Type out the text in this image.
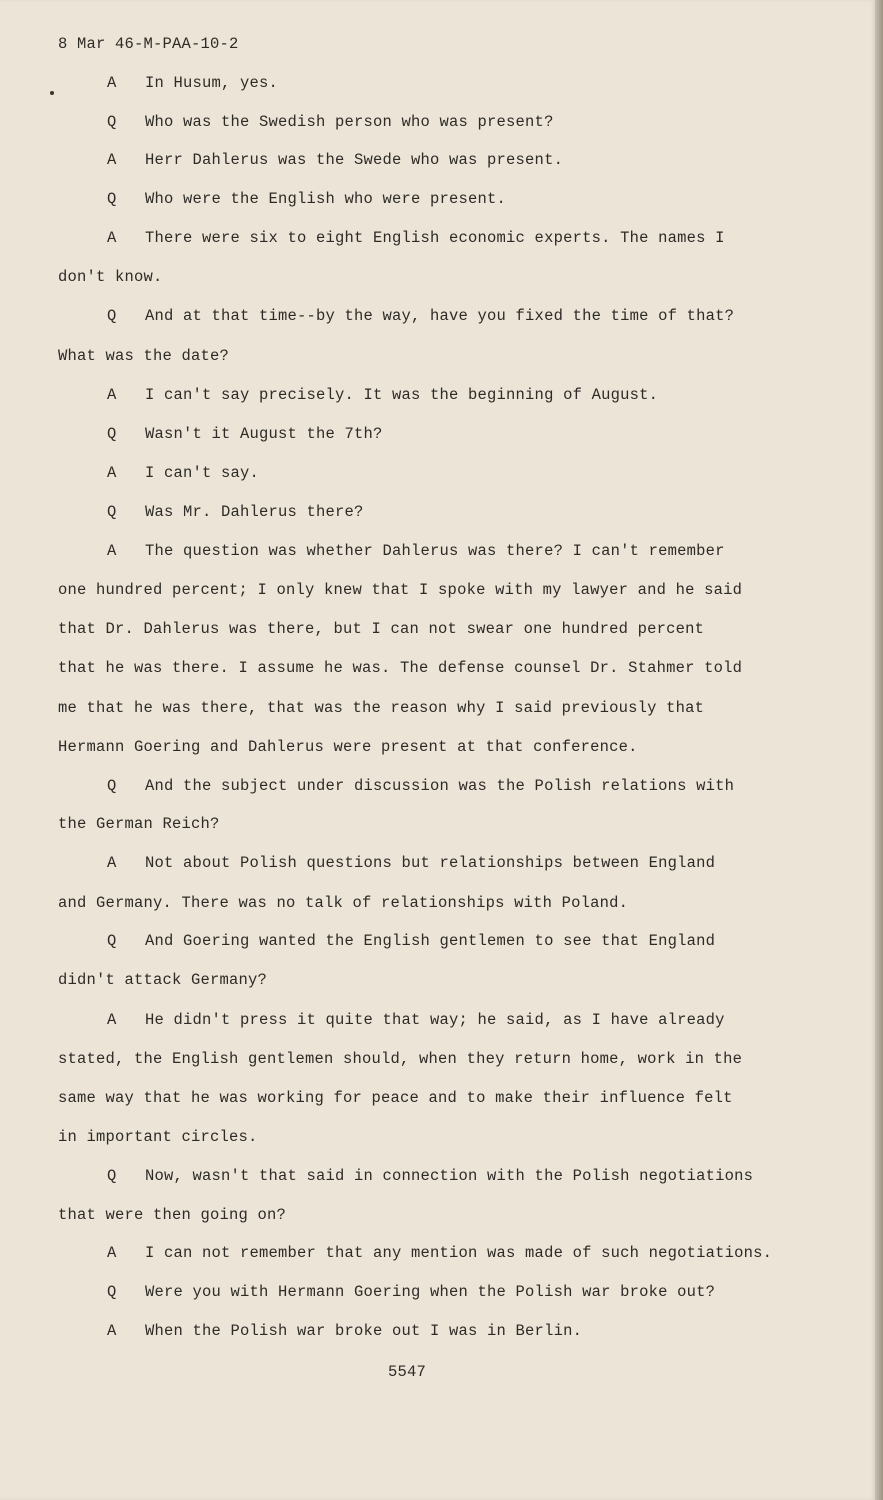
8 Mar 46-M-PAA-10-2
A In Husum, yes.
Q Who was the Swedish person who was present?
A Herr Dahlerus was the Swede who was present.
Q Who were the English who were present.
A There were six to eight English economic experts. The names I
don't know.
Q And at that time--by the way, have you fixed the time of that?
What was the date?
A I can't say precisely. It was the beginning of August.
Q Wasn't it August the 7th?
A I can't say.
Q Was Mr. Dahlerus there?
A The question was whether Dahlerus was there? I can't remember
one hundred percent; I only knew that I spoke with my lawyer and he said
that Dr. Dahlerus was there, but I can not swear one hundred percent
that he was there. I assume he was. The defense counsel Dr. Stahmer told
me that he was there, that was the reason why I said previously that
Hermann Goering and Dahlerus were present at that conference.
Q And the subject under discussion was the Polish relations with
the German Reich?
A Not about Polish questions but relationships between England
and Germany. There was no talk of relationships with Poland.
Q And Goering wanted the English gentlemen to see that England
didn't attack Germany?
A He didn't press it quite that way; he said, as I have already
stated, the English gentlemen should, when they return home, work in the
same way that he was working for peace and to make their influence felt
in important circles.
Q Now, wasn't that said in connection with the Polish negotiations
that were then going on?
A I can not remember that any mention was made of such negotiations.
Q Were you with Hermann Goering when the Polish war broke out?
A When the Polish war broke out I was in Berlin.
5547
